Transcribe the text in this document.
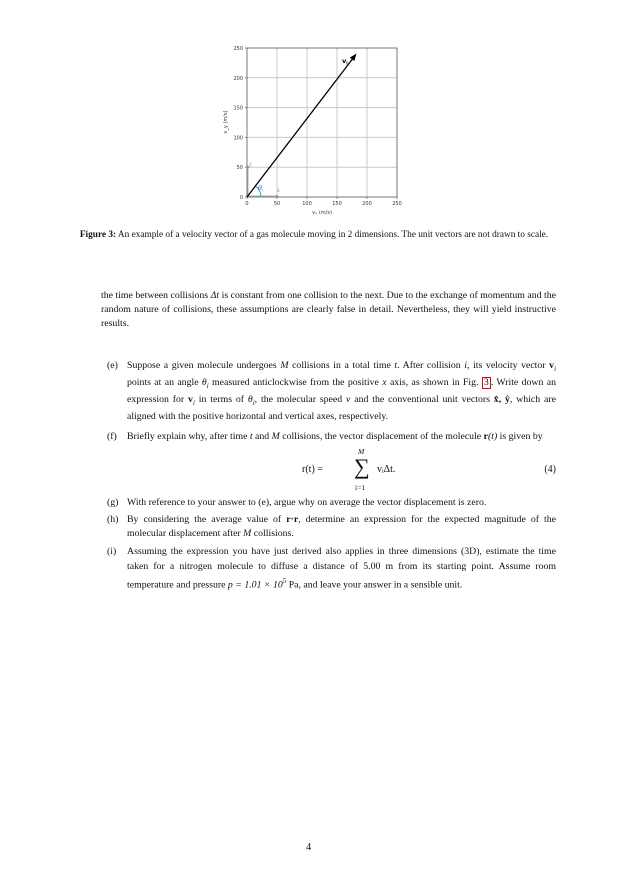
0	50	100	150	200	250
vₓ (m/s)
0
50
100
150
200
250
v_y (m/s)
x̂
ŷ
$\theta_i$
$v_i$
Figure 3: An example of a velocity vector of a gas molecule moving in 2 dimensions. The unit vectors are not drawn to scale.
the time between collisions Δt is constant from one collision to the next. Due to the exchange of momentum and the random nature of collisions, these assumptions are clearly false in detail. Nevertheless, they will yield instructive results.
(e) Suppose a given molecule undergoes M collisions in a total time t. After collision i, its velocity vector $v_i$ points at an angle $\theta_i$ measured anticlockwise from the positive x axis, as shown in Fig. 3 . Write down an expression for $v_i$ in terms of $\theta_i$, the molecular speed v and the conventional unit vectors x̂, ŷ, which are aligned with the positive horizontal and vertical axes, respectively.
(f) Briefly explain why, after time t and M collisions, the vector displacement of the molecule r(t) is given by
r(t) =
M
∑
i=1
vᵢΔt.	(4)
(g) With reference to your answer to (e), argue why on average the vector displacement is zero.
(h) By considering the average value of r·r, determine an expression for the expected magnitude of the molecular displacement after M collisions.
(i) Assuming the expression you have just derived also applies in three dimensions (3D), estimate the time taken for a nitrogen molecule to diffuse a distance of 5.00 m from its starting point. Assume room temperature and pressure $p = 1.01 \times 10^5$ Pa, and leave your answer in a sensible unit.
4
